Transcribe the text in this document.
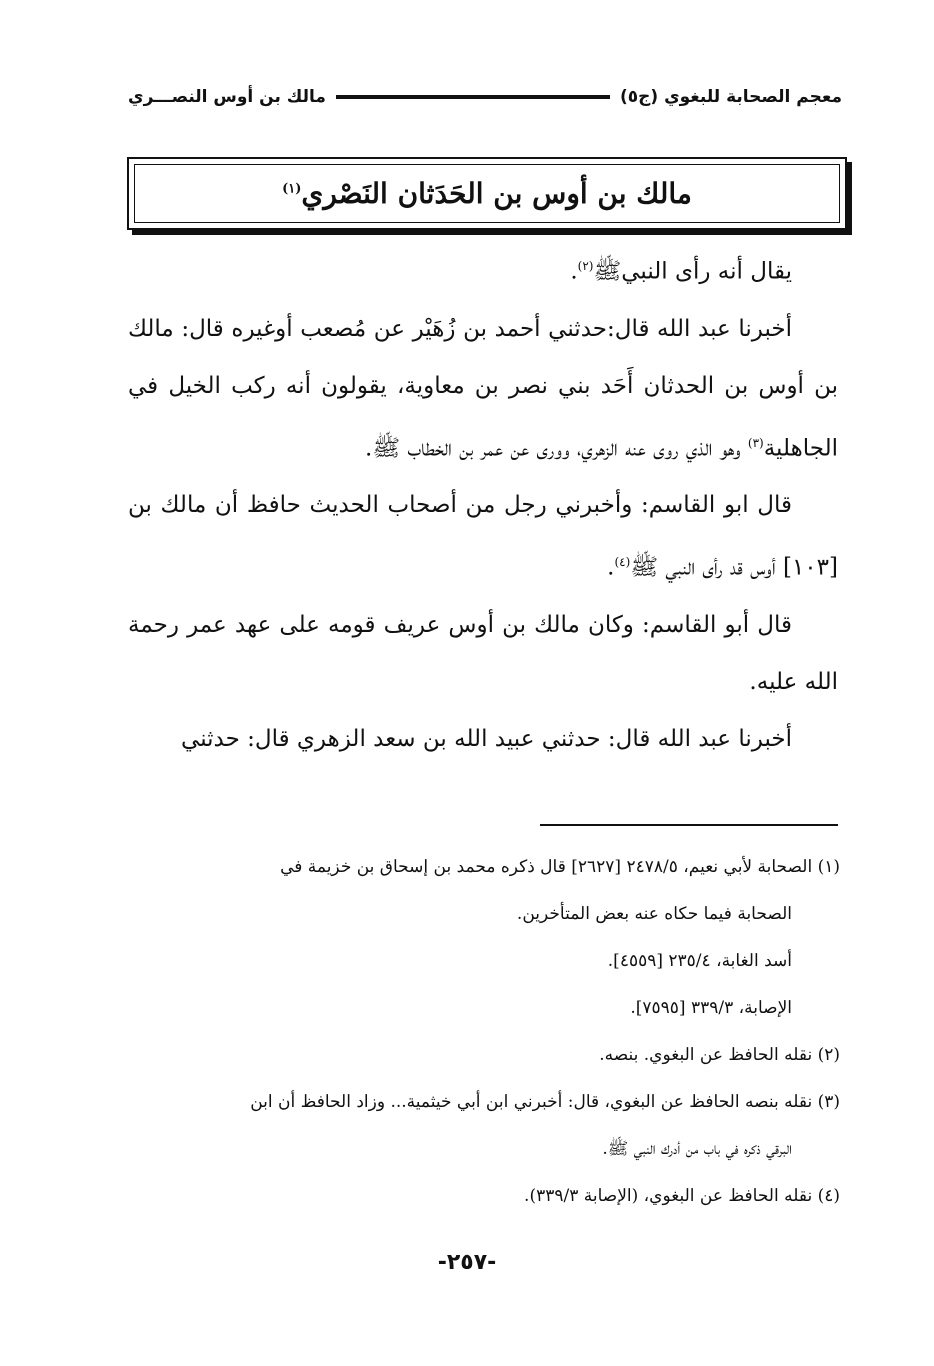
معجم الصحابة للبغوي (ج٥)
مالك بن أوس النصـــري
مالك بن أوس بن الحَدَثان النَصْري$^{(١)}$

يقال أنه رأى النبيﷺ$^{(٢)}$.

أخبرنا عبد الله قال:حدثني أحمد بن زُهَيْر عن مُصعب أوغيره قال: مالك بن أوس بن الحدثان أَحَد بني نصر بن معاوية، يقولون أنه ركب الخيل في الجاهلية$^{(٣)}$ وهو الذي روى عنه الزهري، وورى عن عمر بن الخطاب ﷺ.

قال ابو القاسم: وأخبرني رجل من أصحاب الحديث حافظ أن مالك بن [١٠٣] أوس قد رأى النبي ﷺ$^{(٤)}$.

قال أبو القاسم: وكان مالك بن أوس عريف قومه على عهد عمر رحمة الله عليه.

أخبرنا عبد الله قال: حدثني عبيد الله بن سعد الزهري قال: حدثني

(١) الصحابة لأبي نعيم، ٢٤٧٨/٥ [٢٦٢٧] قال ذكره محمد بن إسحاق بن خزيمة في

الصحابة فيما حكاه عنه بعض المتأخرين.

أسد الغابة، ٢٣٥/٤ [٤٥٥٩].

الإصابة، ٣٣٩/٣ [٧٥٩٥].

(٢) نقله الحافظ عن البغوي. بنصه.

(٣) نقله بنصه الحافظ عن البغوي، قال: أخبرني ابن أبي خيثمية... وزاد الحافظ أن ابن

البرقي ذكره في باب من أدرك النبي ﷺ.

(٤) نقله الحافظ عن البغوي، (الإصابة ٣٣٩/٣).

-٢٥٧-
